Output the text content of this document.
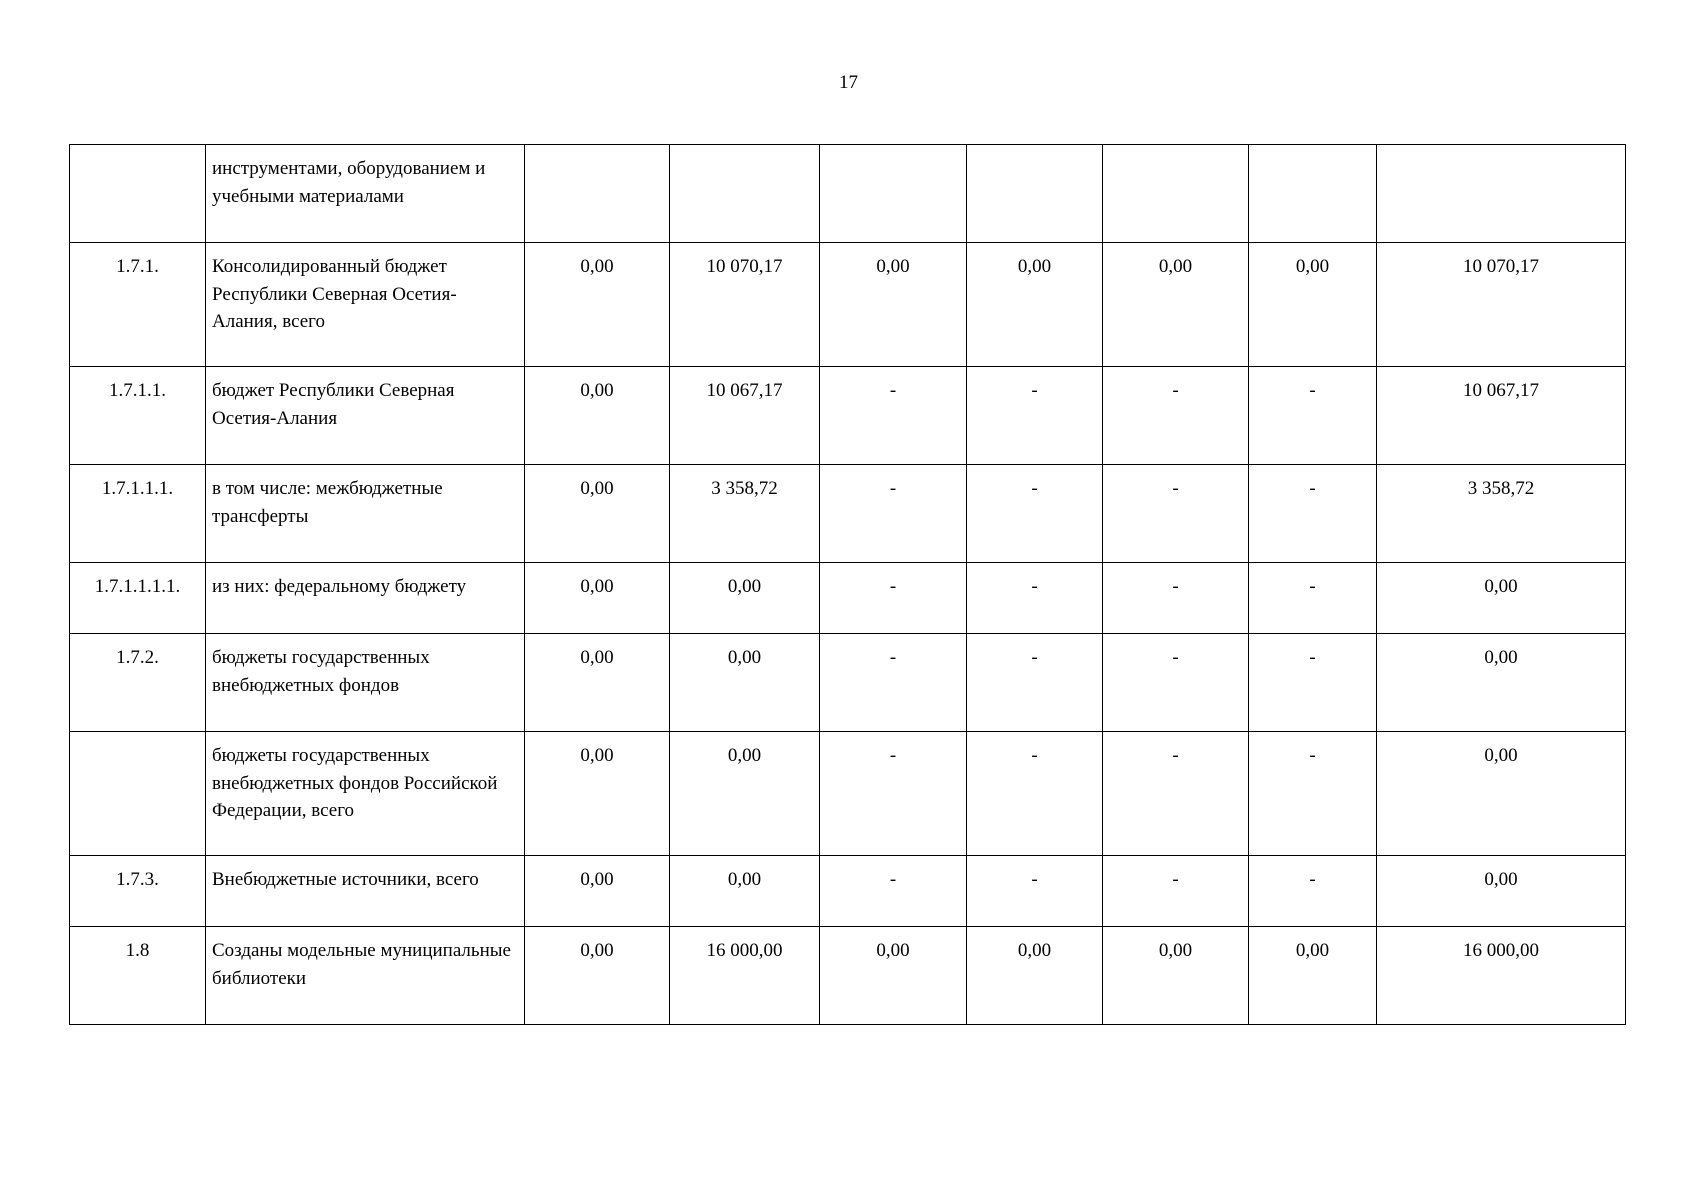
17
	инструментами, оборудованием и учебными материалами							
1.7.1.	Консолидированный бюджет Республики Северная Осетия-Алания, всего	0,00	10 070,17	0,00	0,00	0,00	0,00	10 070,17
1.7.1.1.	бюджет Республики Северная Осетия-Алания	0,00	10 067,17	-	-	-	-	10 067,17
1.7.1.1.1.	в том числе: межбюджетные трансферты	0,00	3 358,72	-	-	-	-	3 358,72
1.7.1.1.1.1.	из них: федеральному бюджету	0,00	0,00	-	-	-	-	0,00
1.7.2.	бюджеты государственных внебюджетных фондов	0,00	0,00	-	-	-	-	0,00
	бюджеты государственных внебюджетных фондов Российской Федерации, всего	0,00	0,00	-	-	-	-	0,00
1.7.3.	Внебюджетные источники, всего	0,00	0,00	-	-	-	-	0,00
1.8	Созданы модельные муниципальные библиотеки	0,00	16 000,00	0,00	0,00	0,00	0,00	16 000,00
